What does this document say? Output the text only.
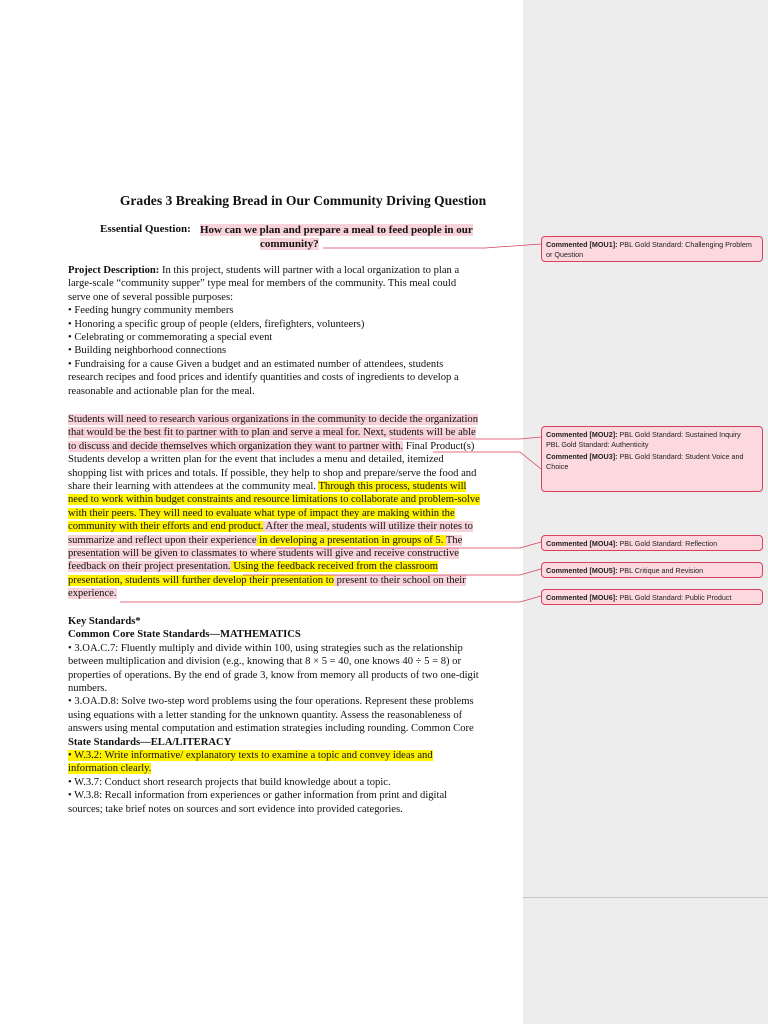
Grades 3 Breaking Bread in Our Community Driving Question
Essential Question: How can we plan and prepare a meal to feed people in our
community?
Project Description: In this project, students will partner with a local organization to plan a
large-scale “community supper” type meal for members of the community. This meal could
serve one of several possible purposes:
• Feeding hungry community members
• Honoring a specific group of people (elders, firefighters, volunteers)
• Celebrating or commemorating a special event
• Building neighborhood connections
• Fundraising for a cause Given a budget and an estimated number of attendees, students
research recipes and food prices and identify quantities and costs of ingredients to develop a
reasonable and actionable plan for the meal.
Students will need to research various organizations in the community to decide the organization
that would be the best fit to partner with to plan and serve a meal for. Next, students will be able
to discuss and decide themselves which organization they want to partner with. Final Product(s)
Students develop a written plan for the event that includes a menu and detailed, itemized
shopping list with prices and totals. If possible, they help to shop and prepare/serve the food and
share their learning with attendees at the community meal. Through this process, students will
need to work within budget constraints and resource limitations to collaborate and problem-solve
with their peers. They will need to evaluate what type of impact they are making within the
community with their efforts and end product. After the meal, students will utilize their notes to
summarize and reflect upon their experience in developing a presentation in groups of 5. The
presentation will be given to classmates to where students will give and receive constructive
feedback on their project presentation. Using the feedback received from the classroom
presentation, students will further develop their presentation to present to their school on their
experience.
Key Standards*
Common Core State Standards—MATHEMATICS
• 3.OA.C.7: Fluently multiply and divide within 100, using strategies such as the relationship
between multiplication and division (e.g., knowing that 8 × 5 = 40, one knows 40 ÷ 5 = 8) or
properties of operations. By the end of grade 3, know from memory all products of two one-digit
numbers.
• 3.OA.D.8: Solve two-step word problems using the four operations. Represent these problems
using equations with a letter standing for the unknown quantity. Assess the reasonableness of
answers using mental computation and estimation strategies including rounding. Common Core
State Standards—ELA/LITERACY
• W.3.2: Write informative/ explanatory texts to examine a topic and convey ideas and
information clearly.
• W.3.7: Conduct short research projects that build knowledge about a topic.
• W.3.8: Recall information from experiences or gather information from print and digital
sources; take brief notes on sources and sort evidence into provided categories.
Commented [MOU1]: PBL Gold Standard: Challenging Problem or Question
Commented [MOU2]: PBL Gold Standard: Sustained Inquiry
PBL Gold Standard: Authenticity
Commented [MOU3]: PBL Gold Standard: Student Voice and Choice
Commented [MOU4]: PBL Gold Standard: Reflection
Commented [MOU5]: PBL Critique and Revision
Commented [MOU6]: PBL Gold Standard: Public Product
